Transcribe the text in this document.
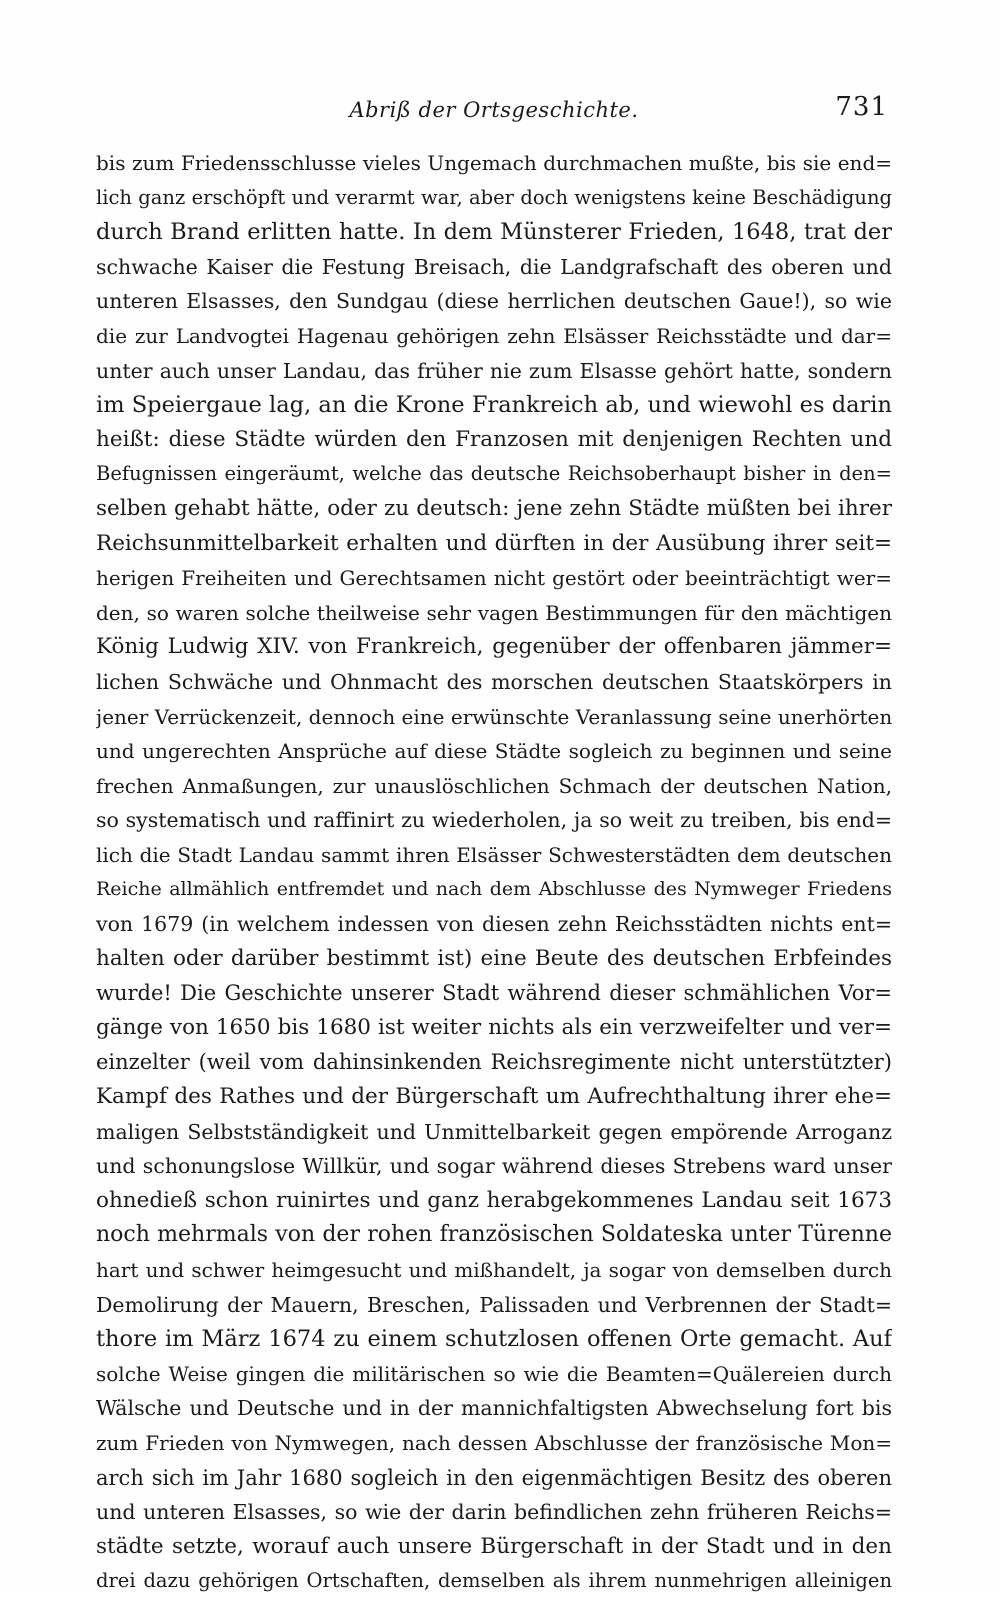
Abriß der Ortsgeschichte.	731
bis zum Friedensschlusse vieles Ungemach durchmachen mußte, bis sie end=
lich ganz erschöpft und verarmt war, aber doch wenigstens keine Beschädigung
durch Brand erlitten hatte. In dem Münsterer Frieden, 1648, trat der
schwache Kaiser die Festung Breisach, die Landgrafschaft des oberen und
unteren Elsasses, den Sundgau (diese herrlichen deutschen Gaue!), so wie
die zur Landvogtei Hagenau gehörigen zehn Elsässer Reichsstädte und dar=
unter auch unser Landau, das früher nie zum Elsasse gehört hatte, sondern
im Speiergaue lag, an die Krone Frankreich ab, und wiewohl es darin
heißt: diese Städte würden den Franzosen mit denjenigen Rechten und
Befugnissen eingeräumt, welche das deutsche Reichsoberhaupt bisher in den=
selben gehabt hätte, oder zu deutsch: jene zehn Städte müßten bei ihrer
Reichsunmittelbarkeit erhalten und dürften in der Ausübung ihrer seit=
herigen Freiheiten und Gerechtsamen nicht gestört oder beeinträchtigt wer=
den, so waren solche theilweise sehr vagen Bestimmungen für den mächtigen
König Ludwig XIV. von Frankreich, gegenüber der offenbaren jämmer=
lichen Schwäche und Ohnmacht des morschen deutschen Staatskörpers in
jener Verrückenzeit, dennoch eine erwünschte Veranlassung seine unerhörten
und ungerechten Ansprüche auf diese Städte sogleich zu beginnen und seine
frechen Anmaßungen, zur unauslöschlichen Schmach der deutschen Nation,
so systematisch und raffinirt zu wiederholen, ja so weit zu treiben, bis end=
lich die Stadt Landau sammt ihren Elsässer Schwesterstädten dem deutschen
Reiche allmählich entfremdet und nach dem Abschlusse des Nymweger Friedens
von 1679 (in welchem indessen von diesen zehn Reichsstädten nichts ent=
halten oder darüber bestimmt ist) eine Beute des deutschen Erbfeindes
wurde! Die Geschichte unserer Stadt während dieser schmählichen Vor=
gänge von 1650 bis 1680 ist weiter nichts als ein verzweifelter und ver=
einzelter (weil vom dahinsinkenden Reichsregimente nicht unterstützter)
Kampf des Rathes und der Bürgerschaft um Aufrechthaltung ihrer ehe=
maligen Selbstständigkeit und Unmittelbarkeit gegen empörende Arroganz
und schonungslose Willkür, und sogar während dieses Strebens ward unser
ohnedieß schon ruinirtes und ganz herabgekommenes Landau seit 1673
noch mehrmals von der rohen französischen Soldateska unter Türenne
hart und schwer heimgesucht und mißhandelt, ja sogar von demselben durch
Demolirung der Mauern, Breschen, Palissaden und Verbrennen der Stadt=
thore im März 1674 zu einem schutzlosen offenen Orte gemacht. Auf
solche Weise gingen die militärischen so wie die Beamten=Quälereien durch
Wälsche und Deutsche und in der mannichfaltigsten Abwechselung fort bis
zum Frieden von Nymwegen, nach dessen Abschlusse der französische Mon=
arch sich im Jahr 1680 sogleich in den eigenmächtigen Besitz des oberen
und unteren Elsasses, so wie der darin befindlichen zehn früheren Reichs=
städte setzte, worauf auch unsere Bürgerschaft in der Stadt und in den
drei dazu gehörigen Ortschaften, demselben als ihrem nunmehrigen alleinigen
